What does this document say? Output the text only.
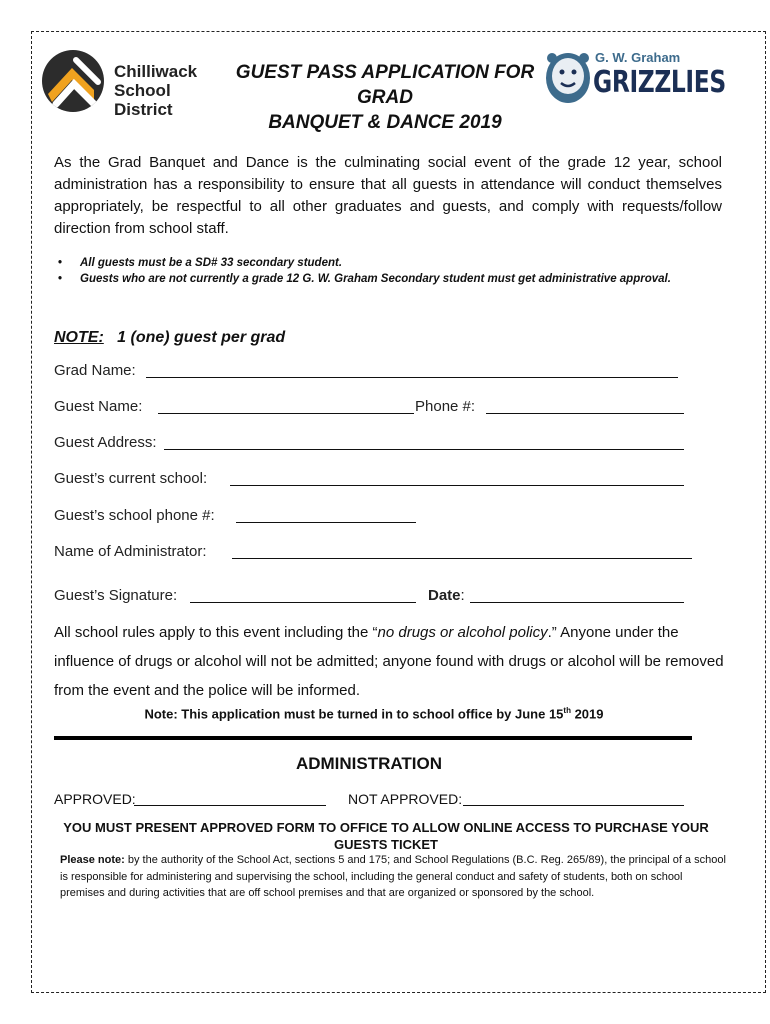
Chilliwack
School District
GUEST PASS APPLICATION FOR
GRAD
BANQUET & DANCE 2019
G. W. Graham
GRIZZLIES
As the Grad Banquet and Dance is the culminating social event of the grade 12 year, school administration has a responsibility to ensure that all guests in attendance will conduct themselves appropriately, be respectful to all other graduates and guests, and comply with requests/follow direction from school staff.
• All guests must be a SD# 33 secondary student.
• Guests who are not currently a grade 12 G. W. Graham Secondary student must get administrative approval.
NOTE: 1 (one) guest per grad
Grad Name:
Guest Name:	Phone #:
Guest Address:
Guest’s current school:
Guest’s school phone #:
Name of Administrator:
Guest’s Signature:	Date:
All school rules apply to this event including the “no drugs or alcohol policy.” Anyone under the influence of drugs or alcohol will not be admitted; anyone found with drugs or alcohol will be removed from the event and the police will be informed.
Note: This application must be turned in to school office by June 15th 2019
ADMINISTRATION
APPROVED:	NOT APPROVED:
YOU MUST PRESENT APPROVED FORM TO OFFICE TO ALLOW ONLINE ACCESS TO PURCHASE YOUR GUESTS TICKET
Please note: by the authority of the School Act, sections 5 and 175; and School Regulations (B.C. Reg. 265/89), the principal of a school is responsible for administering and supervising the school, including the general conduct and safety of students, both on school premises and during activities that are off school premises and that are organized or sponsored by the school.
